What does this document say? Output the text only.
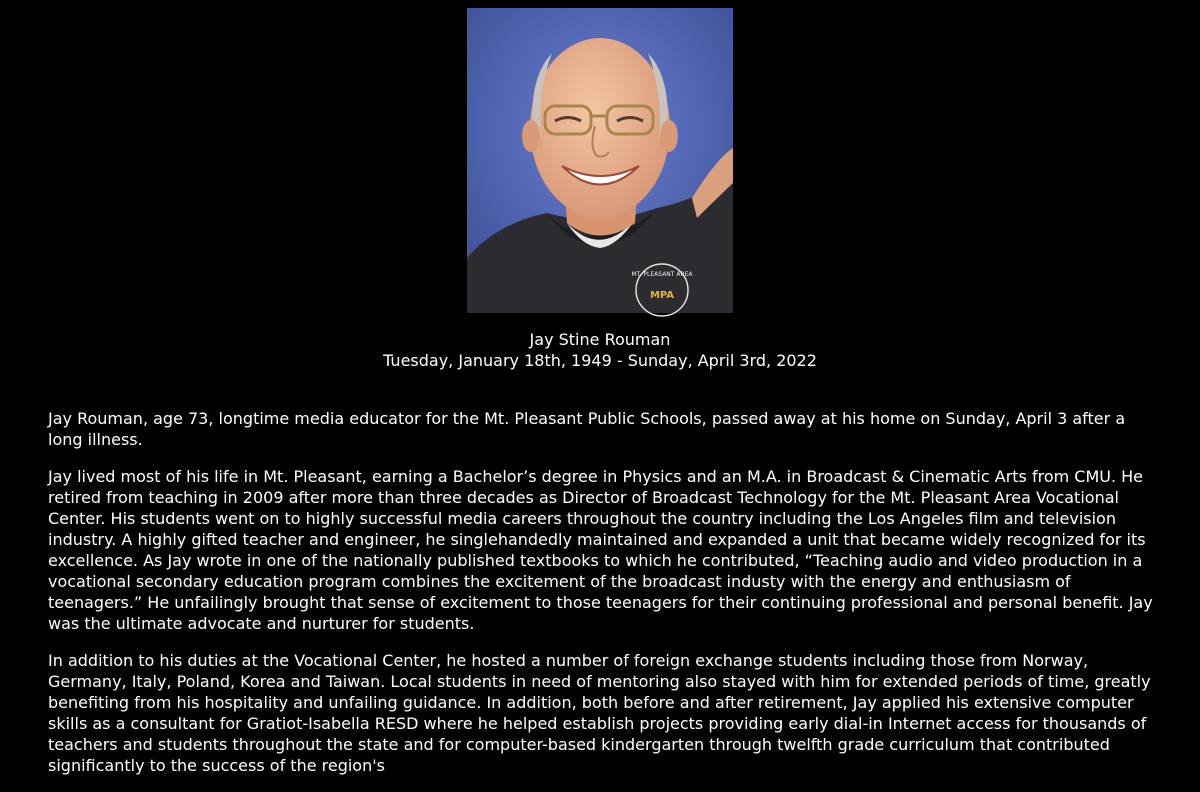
MT. PLEASANT AREA
MPA
Jay Stine Rouman
Tuesday, January 18th, 1949 - Sunday, April 3rd, 2022

Jay Rouman, age 73, longtime media educator for the Mt. Pleasant Public Schools, passed away at his home on Sunday, April 3 after a long illness.

Jay lived most of his life in Mt. Pleasant, earning a Bachelor’s degree in Physics and an M.A. in Broadcast & Cinematic Arts from CMU. He retired from teaching in 2009 after more than three decades as Director of Broadcast Technology for the Mt. Pleasant Area Vocational Center. His students went on to highly successful media careers throughout the country including the Los Angeles film and television industry. A highly gifted teacher and engineer, he singlehandedly maintained and expanded a unit that became widely recognized for its excellence. As Jay wrote in one of the nationally published textbooks to which he contributed, “Teaching audio and video production in a vocational secondary education program combines the excitement of the broadcast industy with the energy and enthusiasm of teenagers.” He unfailingly brought that sense of excitement to those teenagers for their continuing professional and personal benefit. Jay was the ultimate advocate and nurturer for students.

In addition to his duties at the Vocational Center, he hosted a number of foreign exchange students including those from Norway, Germany, Italy, Poland, Korea and Taiwan. Local students in need of mentoring also stayed with him for extended periods of time, greatly benefiting from his hospitality and unfailing guidance. In addition, both before and after retirement, Jay applied his extensive computer skills as a consultant for Gratiot-Isabella RESD where he helped establish projects providing early dial-in Internet access for thousands of teachers and students throughout the state and for computer-based kindergarten through twelfth grade curriculum that contributed significantly to the success of the region's
